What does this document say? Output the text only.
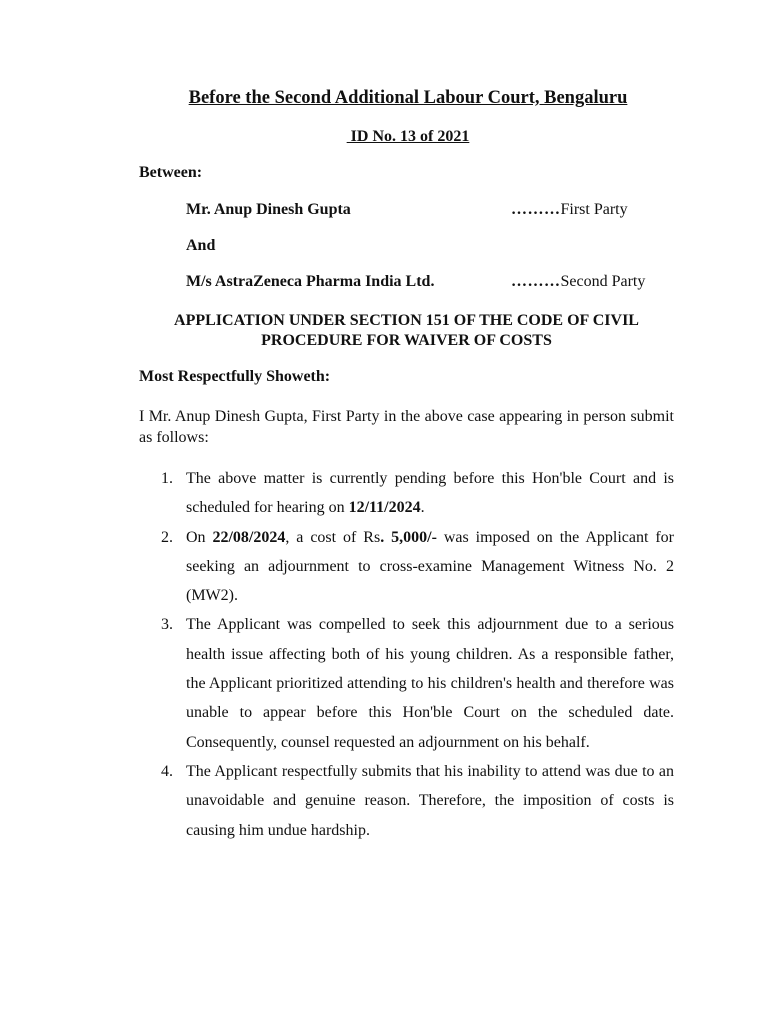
Before the Second Additional Labour Court, Bengaluru

ID No. 13 of 2021

Between:

Mr. Anup Dinesh Gupta	………First Party

And

M/s AstraZeneca Pharma India Ltd.	………Second Party

APPLICATION UNDER SECTION 151 OF THE CODE OF CIVIL PROCEDURE FOR WAIVER OF COSTS

Most Respectfully Showeth:

I Mr. Anup Dinesh Gupta, First Party in the above case appearing in person submit as follows:

1. The above matter is currently pending before this Hon'ble Court and is scheduled for hearing on 12/11/2024.
2. On 22/08/2024, a cost of Rs. 5,000/- was imposed on the Applicant for seeking an adjournment to cross-examine Management Witness No. 2 (MW2).
3. The Applicant was compelled to seek this adjournment due to a serious health issue affecting both of his young children. As a responsible father, the Applicant prioritized attending to his children's health and therefore was unable to appear before this Hon'ble Court on the scheduled date. Consequently, counsel requested an adjournment on his behalf.
4. The Applicant respectfully submits that his inability to attend was due to an unavoidable and genuine reason. Therefore, the imposition of costs is causing him undue hardship.
